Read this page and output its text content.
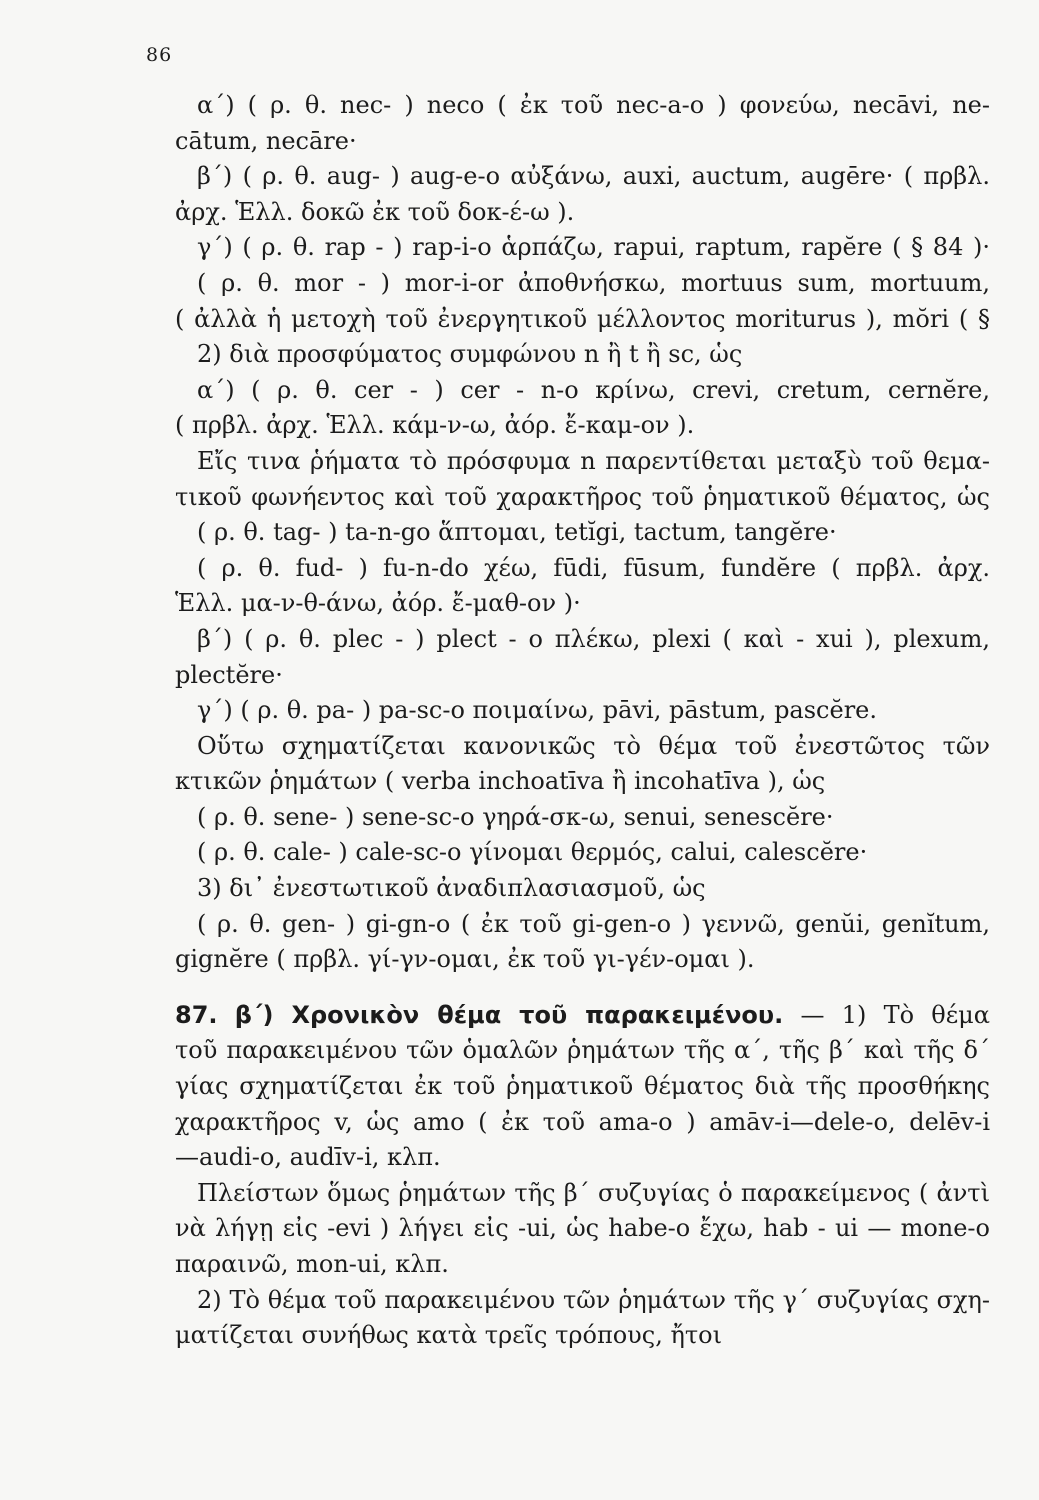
86
α΄) ( ρ. θ. nec- ) neco ( ἐκ τοῦ nec-a-o ) φονεύω, necāvi, ne-
cātum, necāre·
β΄) ( ρ. θ. aug- ) aug-e-o αὐξάνω, auxi, auctum, augēre· ( πρβλ.
ἀρχ. Ἑλλ. δοκῶ ἐκ τοῦ δοκ-έ-ω ).
γ΄) ( ρ. θ. rap - ) rap-i-o ἁρπάζω, rapui, raptum, rapĕre ( § 84 )·
( ρ. θ. mor - ) mor-i-or ἀποθνήσκω, mortuus sum, mortuum,
( ἀλλὰ ἡ μετοχὴ τοῦ ἐνεργητικοῦ μέλλοντος moriturus ), mŏri ( §
2) διὰ προσφύματος συμφώνου n ἢ t ἢ sc, ὡς
α΄) ( ρ. θ. cer - ) cer - n-o κρίνω, crevi, cretum, cernĕre,
( πρβλ. ἀρχ. Ἑλλ. κάμ-ν-ω, ἀόρ. ἔ-καμ-ον ).
Εἴς τινα ῥήματα τὸ πρόσφυμα n παρεντίθεται μεταξὺ τοῦ θεμα-
τικοῦ φωνήεντος καὶ τοῦ χαρακτῆρος τοῦ ῥηματικοῦ θέματος, ὡς
( ρ. θ. tag- ) ta-n-go ἅπτομαι, tetĭgi, tactum, tangĕre·
( ρ. θ. fud- ) fu-n-do χέω, fūdi, fūsum, fundĕre ( πρβλ. ἀρχ.
Ἑλλ. μα-ν-θ-άνω, ἀόρ. ἔ-μαθ-ον )·
β΄) ( ρ. θ. plec - ) plect - o πλέκω, plexi ( καὶ - xui ), plexum,
plectĕre·
γ΄) ( ρ. θ. pa- ) pa-sc-o ποιμαίνω, pāvi, pāstum, pascĕre.
Οὕτω σχηματίζεται κανονικῶς τὸ θέμα τοῦ ἐνεστῶτος τῶν
κτικῶν ῥημάτων ( verba inchoatīva ἢ incohatīva ), ὡς
( ρ. θ. sene- ) sene-sc-o γηρά-σκ-ω, senui, senescĕre·
( ρ. θ. cale- ) cale-sc-o γίνομαι θερμός, calui, calescĕre·
3) δι᾽ ἐνεστωτικοῦ ἀναδιπλασιασμοῦ, ὡς
( ρ. θ. gen- ) gi-gn-o ( ἐκ τοῦ gi-gen-o ) γεννῶ, genŭi, genĭtum,
gignĕre ( πρβλ. γί-γν-ομαι, ἐκ τοῦ γι-γέν-ομαι ).
87. β΄) Χρονικὸν θέμα τοῦ παρακειμένου. — 1) Τὸ θέμα
τοῦ παρακειμένου τῶν ὁμαλῶν ῥημάτων τῆς α΄, τῆς β΄ καὶ τῆς δ΄
γίας σχηματίζεται ἐκ τοῦ ῥηματικοῦ θέματος διὰ τῆς προσθήκης
χαρακτῆρος v, ὡς amo ( ἐκ τοῦ ama-o ) amāv-i—dele-o, delēv-i
—audi-o, audīv-i, κλπ.
Πλείστων ὅμως ῥημάτων τῆς β΄ συζυγίας ὁ παρακείμενος ( ἀντὶ
νὰ λήγῃ εἰς -evi ) λήγει εἰς -ui, ὡς habe-o ἔχω, hab - ui — mone-o
παραινῶ, mon-ui, κλπ.
2) Τὸ θέμα τοῦ παρακειμένου τῶν ῥημάτων τῆς γ΄ συζυγίας σχη-
ματίζεται συνήθως κατὰ τρεῖς τρόπους, ἤτοι
